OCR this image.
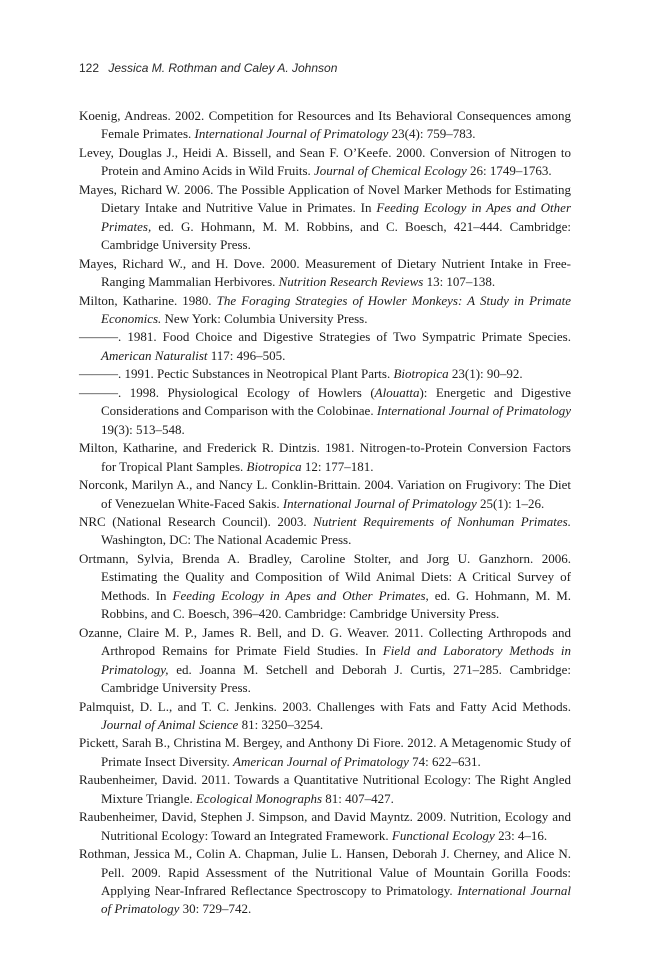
122 Jessica M. Rothman and Caley A. Johnson

Koenig, Andreas. 2002. Competition for Resources and Its Behavioral Consequences among Female Primates. International Journal of Primatology 23(4): 759–783.

Levey, Douglas J., Heidi A. Bissell, and Sean F. O’Keefe. 2000. Conversion of Nitrogen to Protein and Amino Acids in Wild Fruits. Journal of Chemical Ecology 26: 1749–1763.

Mayes, Richard W. 2006. The Possible Application of Novel Marker Methods for Estimating Dietary Intake and Nutritive Value in Primates. In Feeding Ecology in Apes and Other Primates, ed. G. Hohmann, M. M. Robbins, and C. Boesch, 421–444. Cambridge: Cambridge University Press.

Mayes, Richard W., and H. Dove. 2000. Measurement of Dietary Nutrient Intake in Free-Ranging Mammalian Herbivores. Nutrition Research Reviews 13: 107–138.

Milton, Katharine. 1980. The Foraging Strategies of Howler Monkeys: A Study in Primate Economics. New York: Columbia University Press.

———. 1981. Food Choice and Digestive Strategies of Two Sympatric Primate Species. American Naturalist 117: 496–505.

———. 1991. Pectic Substances in Neotropical Plant Parts. Biotropica 23(1): 90–92.

———. 1998. Physiological Ecology of Howlers (Alouatta): Energetic and Digestive Considerations and Comparison with the Colobinae. International Journal of Primatology 19(3): 513–548.

Milton, Katharine, and Frederick R. Dintzis. 1981. Nitrogen-to-Protein Conversion Factors for Tropical Plant Samples. Biotropica 12: 177–181.

Norconk, Marilyn A., and Nancy L. Conklin-Brittain. 2004. Variation on Frugivory: The Diet of Venezuelan White-Faced Sakis. International Journal of Primatology 25(1): 1–26.

NRC (National Research Council). 2003. Nutrient Requirements of Nonhuman Primates. Washington, DC: The National Academic Press.

Ortmann, Sylvia, Brenda A. Bradley, Caroline Stolter, and Jorg U. Ganzhorn. 2006. Estimating the Quality and Composition of Wild Animal Diets: A Critical Survey of Methods. In Feeding Ecology in Apes and Other Primates, ed. G. Hohmann, M. M. Robbins, and C. Boesch, 396–420. Cambridge: Cambridge University Press.

Ozanne, Claire M. P., James R. Bell, and D. G. Weaver. 2011. Collecting Arthropods and Arthropod Remains for Primate Field Studies. In Field and Laboratory Methods in Primatology, ed. Joanna M. Setchell and Deborah J. Curtis, 271–285. Cambridge: Cambridge University Press.

Palmquist, D. L., and T. C. Jenkins. 2003. Challenges with Fats and Fatty Acid Methods. Journal of Animal Science 81: 3250–3254.

Pickett, Sarah B., Christina M. Bergey, and Anthony Di Fiore. 2012. A Metagenomic Study of Primate Insect Diversity. American Journal of Primatology 74: 622–631.

Raubenheimer, David. 2011. Towards a Quantitative Nutritional Ecology: The Right Angled Mixture Triangle. Ecological Monographs 81: 407–427.

Raubenheimer, David, Stephen J. Simpson, and David Mayntz. 2009. Nutrition, Ecology and Nutritional Ecology: Toward an Integrated Framework. Functional Ecology 23: 4–16.

Rothman, Jessica M., Colin A. Chapman, Julie L. Hansen, Deborah J. Cherney, and Alice N. Pell. 2009. Rapid Assessment of the Nutritional Value of Mountain Gorilla Foods: Applying Near-Infrared Reflectance Spectroscopy to Primatology. International Journal of Primatology 30: 729–742.
